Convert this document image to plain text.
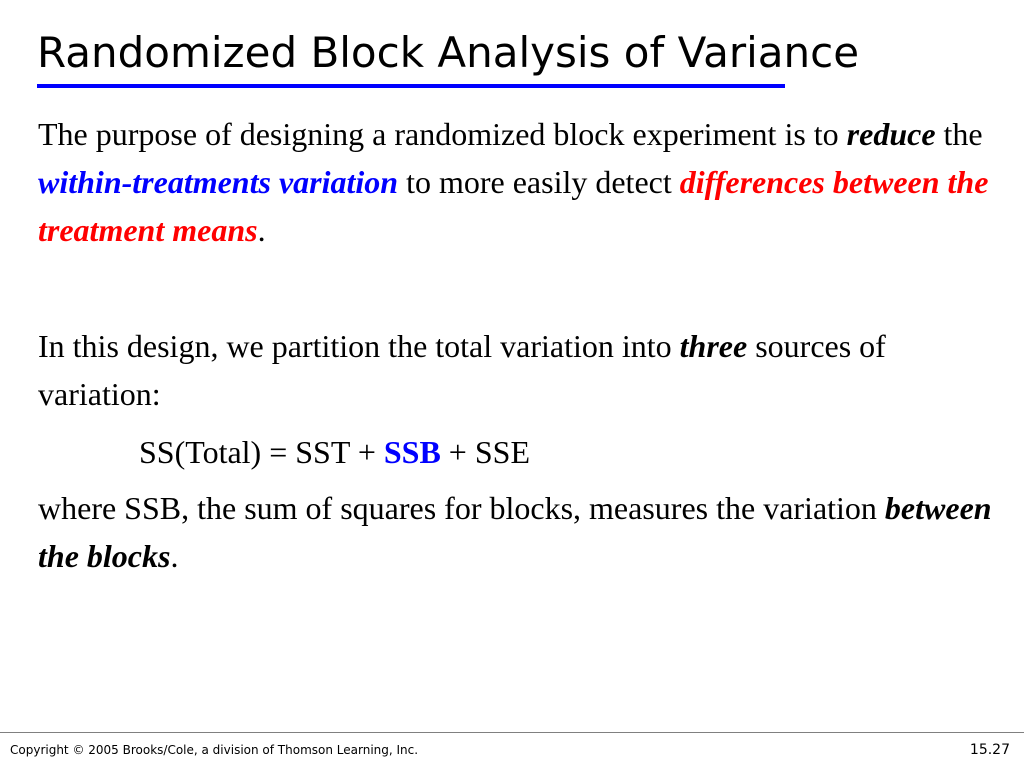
Randomized Block Analysis of Variance

The purpose of designing a randomized block experiment is to reduce the within-treatments variation to more easily detect differences between the treatment means.

In this design, we partition the total variation into three sources of variation:

SS(Total) = SST + SSB + SSE

where SSB, the sum of squares for blocks, measures the variation between the blocks.

Copyright © 2005 Brooks/Cole, a division of Thomson Learning, Inc.	15.27
